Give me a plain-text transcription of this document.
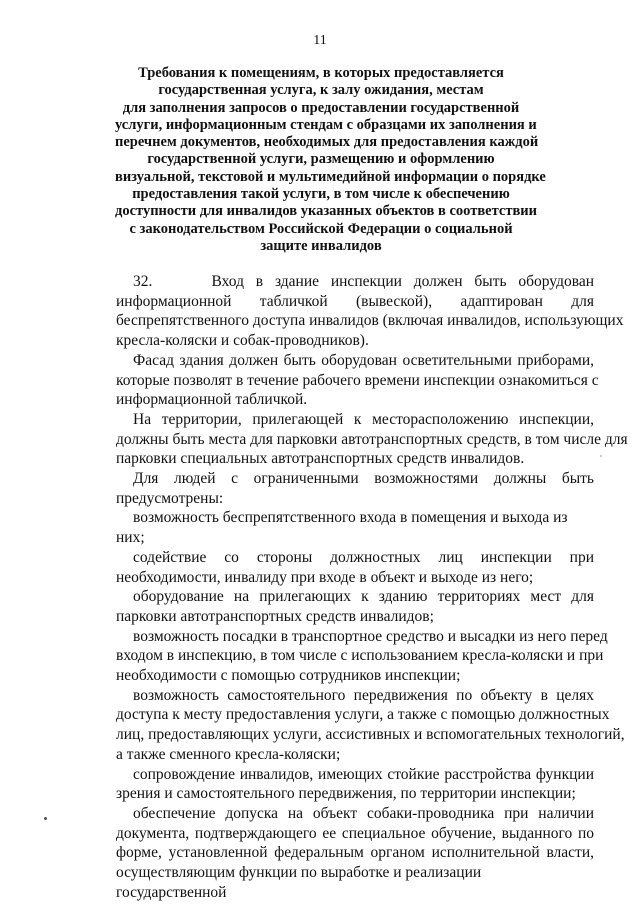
11
Требования к помещениям, в которых предоставляется
государственная услуга, к залу ожидания, местам
для заполнения запросов о предоставлении государственной
услуги, информационным стендам с образцами их заполнения и
перечнем документов, необходимых для предоставления каждой
государственной услуги, размещению и оформлению
визуальной, текстовой и мультимедийной информации о порядке
предоставления такой услуги, в том числе к обеспечению
доступности для инвалидов указанных объектов в соответствии
с законодательством Российской Федерации о социальной
защите инвалидов

32.     Вход в здание инспекции должен быть оборудован
информационной табличкой (вывеской), адаптирован для
беспрепятственного доступа инвалидов (включая инвалидов, использующих
кресла-коляски и собак-проводников).

Фасад здания должен быть оборудован осветительными приборами,
которые позволят в течение рабочего времени инспекции ознакомиться с
информационной табличкой.

На территории, прилегающей к месторасположению инспекции,
должны быть места для парковки автотранспортных средств, в том числе для
парковки специальных автотранспортных средств инвалидов.

Для людей с ограниченными возможностями должны быть
предусмотрены:

возможность беспрепятственного входа в помещения и выхода из них;

содействие со стороны должностных лиц инспекции при
необходимости, инвалиду при входе в объект и выходе из него;

оборудование на прилегающих к зданию территориях мест для
парковки автотранспортных средств инвалидов;

возможность посадки в транспортное средство и высадки из него перед
входом в инспекцию, в том числе с использованием кресла-коляски и при
необходимости с помощью сотрудников инспекции;

возможность самостоятельного передвижения по объекту в целях
доступа к месту предоставления услуги, а также с помощью должностных
лиц, предоставляющих услуги, ассистивных и вспомогательных технологий,
а также сменного кресла-коляски;

сопровождение инвалидов, имеющих стойкие расстройства функции
зрения и самостоятельного передвижения, по территории инспекции;

обеспечение допуска на объект собаки-проводника при наличии
документа, подтверждающего ее специальное обучение, выданного по
форме, установленной федеральным органом исполнительной власти,
осуществляющим функции по выработке и реализации государственной
